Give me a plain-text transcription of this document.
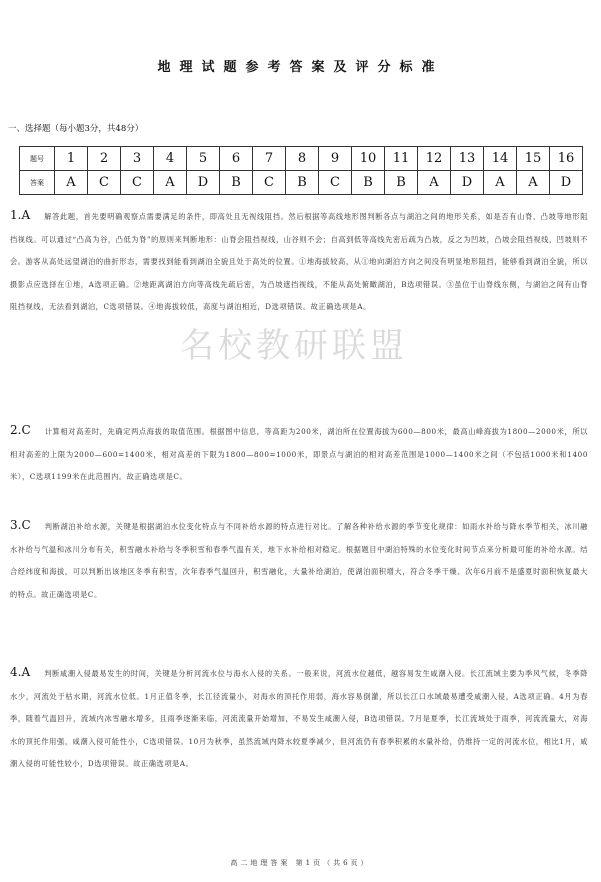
地理试题参考答案及评分标准
一、选择题（每小题3分，共48分）
题号	1	2	3	4	5	6	7	8	9	10	11	12	13	14	15	16
答案	A	C	C	A	D	B	C	B	C	B	B	A	D	A	A	D
1.A 解答此题，首先要明确观察点需要满足的条件，即高处且无视线阻挡。然后根据等高线地形图判断各点与湖泊之间的地形关系，如是否有山脊、凸坡等地形阻挡视线。可以通过“凸高为谷，凸低为脊”的原则来判断地形：山脊会阻挡视线，山谷则不会；自高到低等高线先密后疏为凸坡，反之为凹坡，凸坡会阻挡视线，凹坡则不会。游客从高处远望湖泊的曲折形态，需要找到能看到湖泊全貌且处于高处的位置。①地海拔较高，从①地向湖泊方向之间没有明显地形阻挡，能够看到湖泊全貌，所以摄影点应选择在①地，A选项正确。②地距离湖泊方向等高线先疏后密，为凸坡遮挡视线，不能从高处俯瞰湖泊，B选项错误。③虽位于山脊线东侧，与湖泊之间有山脊阻挡视线，无法看到湖泊，C选项错误。④地海拔较低，高度与湖泊相近，D选项错误。故正确选项是A。
2.C 计算相对高差时，先确定两点海拔的取值范围。根据图中信息，等高距为200米，湖泊所在位置海拔为600—800米，最高山峰海拔为1800—2000米，所以相对高差的上限为2000—600=1400米，相对高差的下限为1800—800=1000米，即景点与湖泊的相对高差范围是1000—1400米之间（不包括1000米和1400米），C选项1199米在此范围内。故正确选项是C。
3.C 判断湖泊补给水源，关键是根据湖泊水位变化特点与不同补给水源的特点进行对比。了解各种补给水源的季节变化规律：如雨水补给与降水季节相关，冰川融水补给与气温和冰川分布有关，积雪融水补给与冬季积雪和春季气温有关，地下水补给相对稳定。根据题目中湖泊特殊的水位变化时间节点来分析最可能的补给水源。结合经纬度和海拔，可以判断出该地区冬季有积雪，次年春季气温回升，积雪融化，大量补给湖泊，使湖泊面积增大，符合冬季干燥、次年6月前不是盛夏时面积恢复最大的特点。故正确选项是C。
4.A 判断咸潮入侵最易发生的时间，关键是分析河流水位与海水入侵的关系。一般来说，河流水位越低，越容易发生咸潮入侵。长江流域主要为季风气候，冬季降水少，河流处于枯水期，河流水位低。1月正值冬季，长江径流量小，对海水的顶托作用弱，海水容易倒灌，所以长江口水域最易遭受咸潮入侵，A选项正确。4月为春季，随着气温回升，流域内冰雪融水增多，且雨季逐渐来临，河流流量开始增加，不易发生咸潮入侵，B选项错误。7月是夏季，长江流域处于雨季，河流流量大，对海水的顶托作用强，咸潮入侵可能性小，C选项错误。10月为秋季，虽然流域内降水较夏季减少，但河流仍有春季积累的水量补给，仍维持一定的河流水位，相比1月，咸潮入侵的可能性较小，D选项错误。故正确选项是A。
名校教研联盟
高二地理答案 第1页（共6页）
